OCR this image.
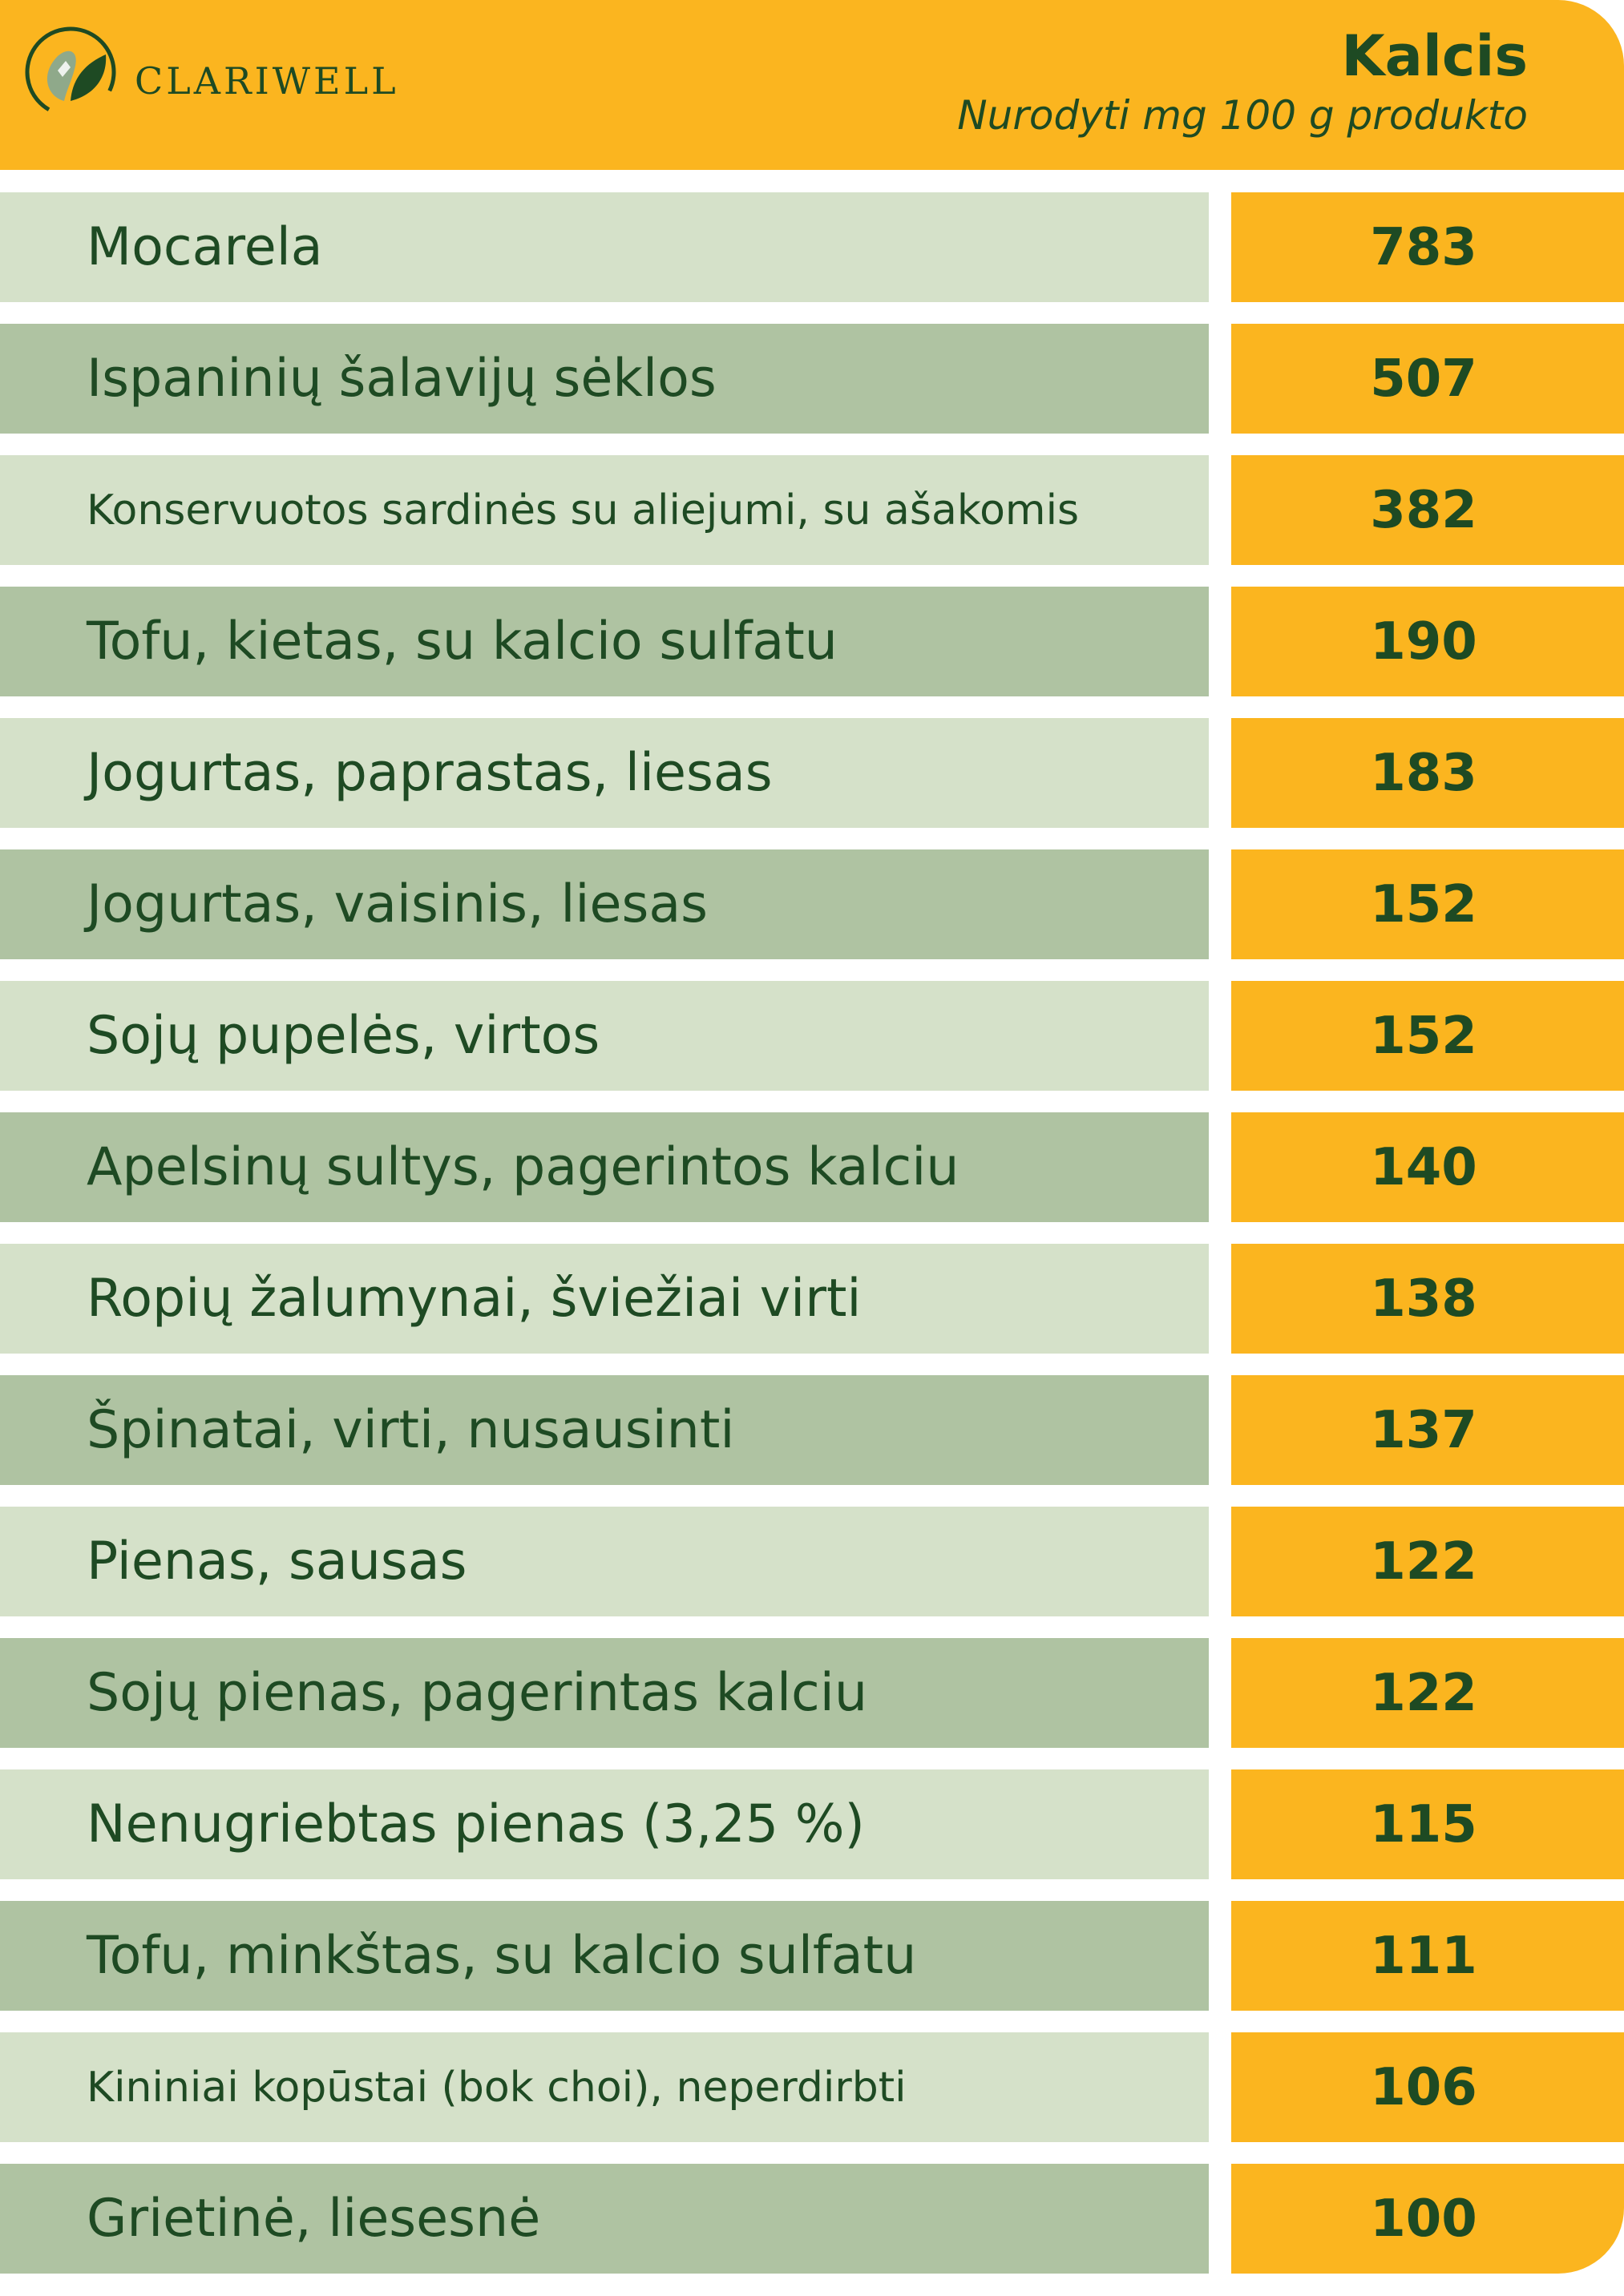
CLARIWELL	Kalcis
Nurodyti mg 100 g produkto
Mocarela	783
Ispaninių šalavijų sėklos	507
Konservuotos sardinės su aliejumi, su ašakomis	382
Tofu, kietas, su kalcio sulfatu	190
Jogurtas, paprastas, liesas	183
Jogurtas, vaisinis, liesas	152
Sojų pupelės, virtos	152
Apelsinų sultys, pagerintos kalciu	140
Ropių žalumynai, šviežiai virti	138
Špinatai, virti, nusausinti	137
Pienas, sausas	122
Sojų pienas, pagerintas kalciu	122
Nenugriebtas pienas (3,25 %)	115
Tofu, minkštas, su kalcio sulfatu	111
Kininiai kopūstai (bok choi), neperdirbti	106
Grietinė, liesesnė	100
